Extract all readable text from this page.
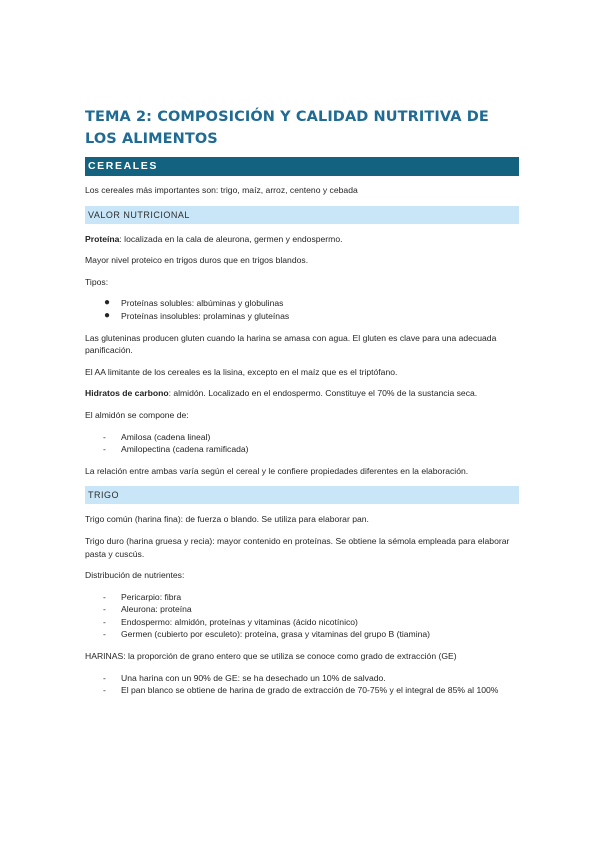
TEMA 2: COMPOSICIÓN Y CALIDAD NUTRITIVA DE LOS ALIMENTOS
CEREALES

Los cereales más importantes son: trigo, maíz, arroz, centeno y cebada

VALOR NUTRICIONAL

Proteína: localizada en la cala de aleurona, germen y endospermo.

Mayor nivel proteico en trigos duros que en trigos blandos.

Tipos:

● Proteínas solubles: albúminas y globulinas
● Proteínas insolubles: prolaminas y gluteínas

Las gluteninas producen gluten cuando la harina se amasa con agua. El gluten es clave para una adecuada panificación.

El AA limitante de los cereales es la lisina, excepto en el maíz que es el triptófano.

Hidratos de carbono: almidón. Localizado en el endospermo. Constituye el 70% de la sustancia seca.

El almidón se compone de:

- Amilosa (cadena lineal)
- Amilopectina (cadena ramificada)

La relación entre ambas varía según el cereal y le confiere propiedades diferentes en la elaboración.

TRIGO

Trigo común (harina fina): de fuerza o blando. Se utiliza para elaborar pan.

Trigo duro (harina gruesa y recia): mayor contenido en proteínas. Se obtiene la sémola empleada para elaborar pasta y cuscús.

Distribución de nutrientes:

- Pericarpio: fibra
- Aleurona: proteína
- Endospermo: almidón, proteínas y vitaminas (ácido nicotínico)
- Germen (cubierto por esculeto): proteína, grasa y vitaminas del grupo B (tiamina)

HARINAS: la proporción de grano entero que se utiliza se conoce como grado de extracción (GE)

- Una harina con un 90% de GE: se ha desechado un 10% de salvado.
- El pan blanco se obtiene de harina de grado de extracción de 70-75% y el integral de 85% al 100%
